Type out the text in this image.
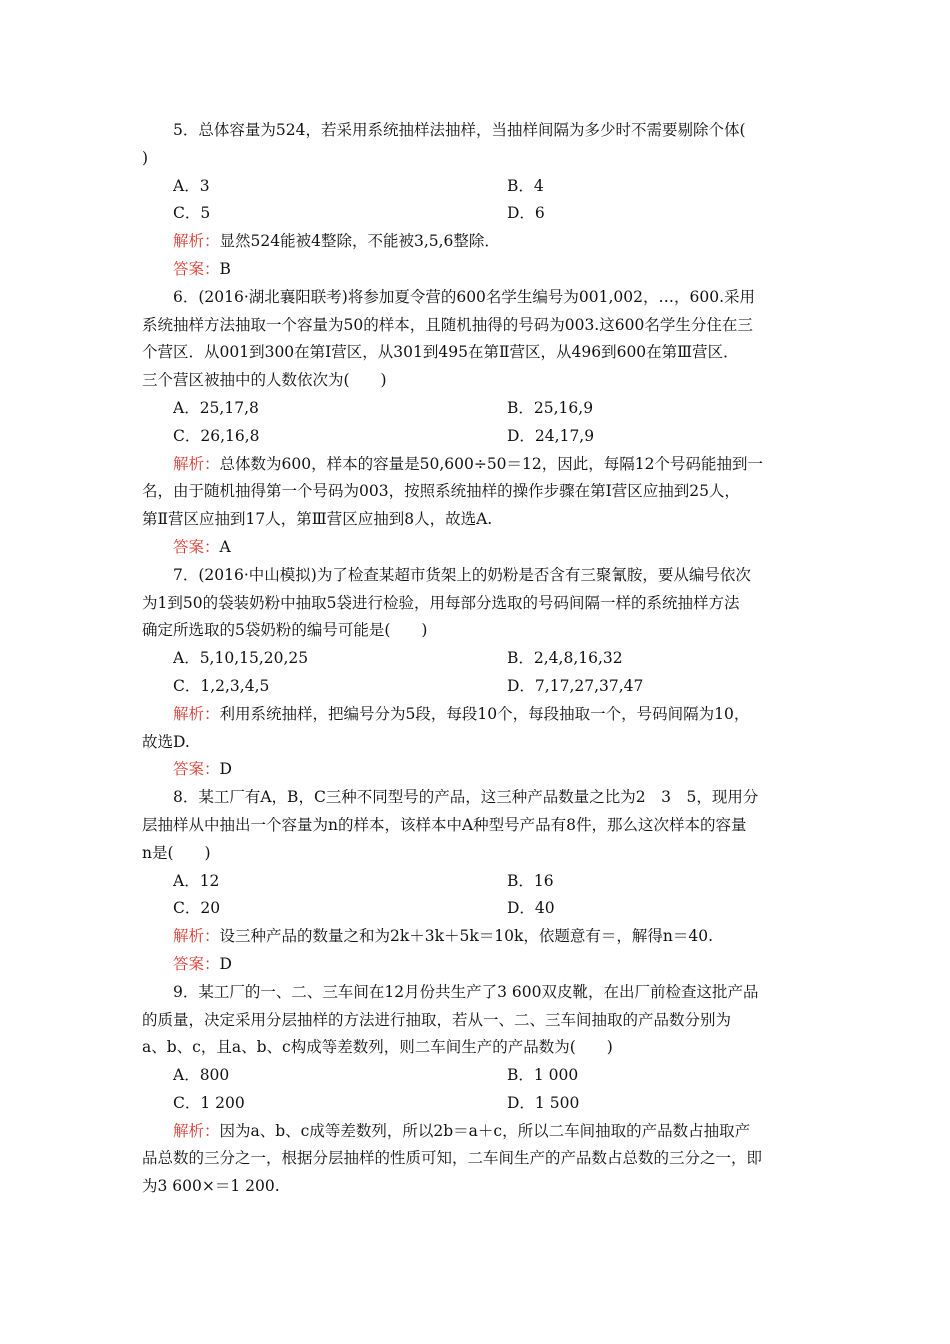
5．总体容量为524，若采用系统抽样法抽样，当抽样间隔为多少时不需要剔除个体(
)
A．3	B．4
C．5	D．6
解析：显然524能被4整除，不能被3,5,6整除．
答案：B
6．(2016·湖北襄阳联考)将参加夏令营的600名学生编号为001,002，…，600.采用
系统抽样方法抽取一个容量为50的样本，且随机抽得的号码为003.这600名学生分住在三
个营区．从001到300在第Ⅰ营区，从301到495在第Ⅱ营区，从496到600在第Ⅲ营区．
三个营区被抽中的人数依次为(　　)
A．25,17,8	B．25,16,9
C．26,16,8	D．24,17,9
解析：总体数为600，样本的容量是50,600÷50＝12，因此，每隔12个号码能抽到一
名，由于随机抽得第一个号码为003，按照系统抽样的操作步骤在第Ⅰ营区应抽到25人，
第Ⅱ营区应抽到17人，第Ⅲ营区应抽到8人，故选A.
答案：A
7．(2016·中山模拟)为了检查某超市货架上的奶粉是否含有三聚氰胺，要从编号依次
为1到50的袋装奶粉中抽取5袋进行检验，用每部分选取的号码间隔一样的系统抽样方法
确定所选取的5袋奶粉的编号可能是(　　)
A．5,10,15,20,25	B．2,4,8,16,32
C．1,2,3,4,5	D．7,17,27,37,47
解析：利用系统抽样，把编号分为5段，每段10个，每段抽取一个，号码间隔为10，
故选D.
答案：D
8．某工厂有A，B，C三种不同型号的产品，这三种产品数量之比为2　3　5，现用分
层抽样从中抽出一个容量为n的样本，该样本中A种型号产品有8件，那么这次样本的容量
n是(　　)
A．12	B．16
C．20	D．40
解析：设三种产品的数量之和为2k＋3k＋5k＝10k，依题意有＝，解得n＝40.
答案：D
9．某工厂的一、二、三车间在12月份共生产了3 600双皮靴，在出厂前检查这批产品
的质量，决定采用分层抽样的方法进行抽取，若从一、二、三车间抽取的产品数分别为
a、b、c，且a、b、c构成等差数列，则二车间生产的产品数为(　　)
A．800	B．1 000
C．1 200	D．1 500
解析：因为a、b、c成等差数列，所以2b＝a＋c，所以二车间抽取的产品数占抽取产
品总数的三分之一，根据分层抽样的性质可知，二车间生产的产品数占总数的三分之一，即
为3 600×＝1 200.
